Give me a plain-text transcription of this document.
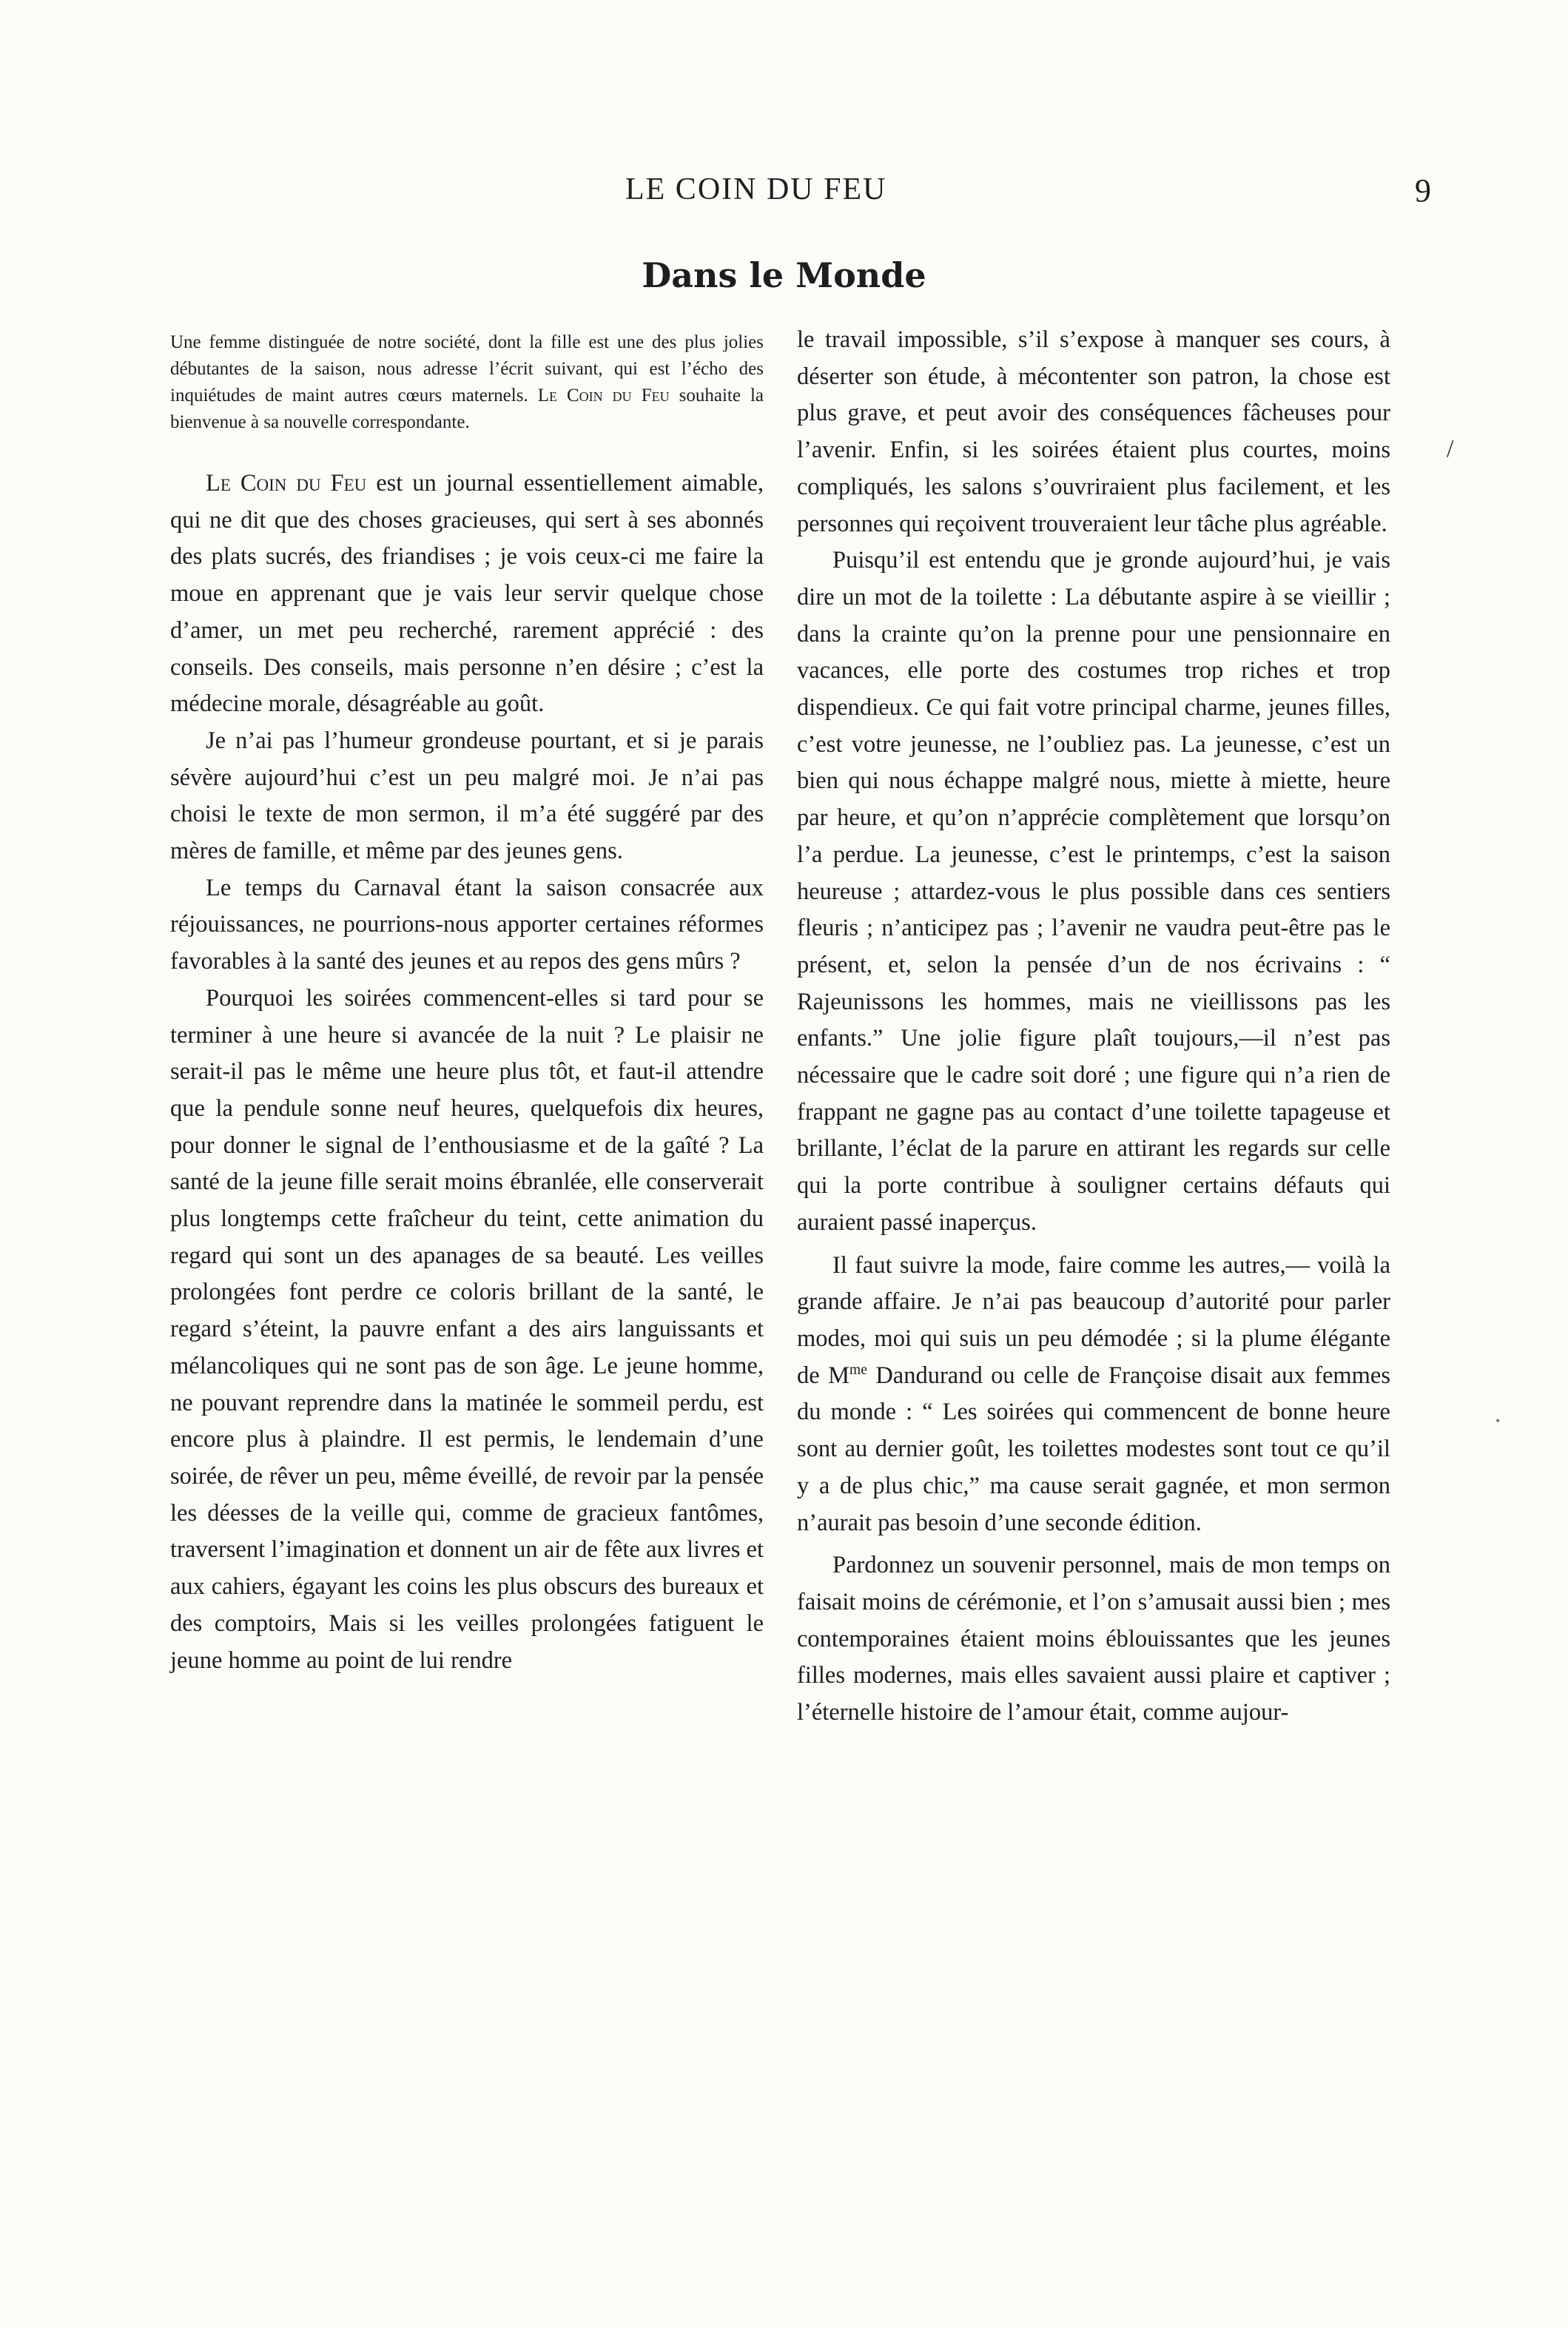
LE COIN DU FEU	9
Dans le Monde

Une femme distinguée de notre société, dont la fille est une des plus jolies débutantes de la saison, nous adresse l’écrit suivant, qui est l’écho des inquiétudes de maint autres cœurs maternels. Le Coin du Feu souhaite la bienvenue à sa nouvelle correspondante.

Le Coin du Feu est un journal essentiellement aimable, qui ne dit que des choses gracieuses, qui sert à ses abonnés des plats sucrés, des friandises ; je vois ceux-ci me faire la moue en apprenant que je vais leur servir quelque chose d’amer, un met peu recherché, rarement apprécié : des conseils. Des conseils, mais personne n’en désire ; c’est la médecine morale, désagréable au goût.

Je n’ai pas l’humeur grondeuse pourtant, et si je parais sévère aujourd’hui c’est un peu malgré moi. Je n’ai pas choisi le texte de mon sermon, il m’a été suggéré par des mères de famille, et même par des jeunes gens.

Le temps du Carnaval étant la saison consacrée aux réjouissances, ne pourrions-nous apporter certaines réformes favorables à la santé des jeunes et au repos des gens mûrs ?

Pourquoi les soirées commencent-elles si tard pour se terminer à une heure si avancée de la nuit ? Le plaisir ne serait-il pas le même une heure plus tôt, et faut-il attendre que la pendule sonne neuf heures, quelquefois dix heures, pour donner le signal de l’enthousiasme et de la gaîté ? La santé de la jeune fille serait moins ébranlée, elle conserverait plus longtemps cette fraîcheur du teint, cette animation du regard qui sont un des apanages de sa beauté. Les veilles prolongées font perdre ce coloris brillant de la santé, le regard s’éteint, la pauvre enfant a des airs languissants et mélancoliques qui ne sont pas de son âge. Le jeune homme, ne pouvant reprendre dans la matinée le sommeil perdu, est encore plus à plaindre. Il est permis, le lendemain d’une soirée, de rêver un peu, même éveillé, de revoir par la pensée les déesses de la veille qui, comme de gracieux fantômes, traversent l’imagination et donnent un air de fête aux livres et aux cahiers, égayant les coins les plus obscurs des bureaux et des comptoirs, Mais si les veilles prolongées fatiguent le jeune homme au point de lui rendre

le travail impossible, s’il s’expose à manquer ses cours, à déserter son étude, à mécontenter son patron, la chose est plus grave, et peut avoir des conséquences fâcheuses pour l’avenir. Enfin, si les soirées étaient plus courtes, moins compliqués, les salons s’ouvriraient plus facilement, et les personnes qui reçoivent trouveraient leur tâche plus agréable.

Puisqu’il est entendu que je gronde aujourd’hui, je vais dire un mot de la toilette : La débutante aspire à se vieillir ; dans la crainte qu’on la prenne pour une pensionnaire en vacances, elle porte des costumes trop riches et trop dispendieux. Ce qui fait votre principal charme, jeunes filles, c’est votre jeunesse, ne l’oubliez pas. La jeunesse, c’est un bien qui nous échappe malgré nous, miette à miette, heure par heure, et qu’on n’apprécie complètement que lorsqu’on l’a perdue. La jeunesse, c’est le printemps, c’est la saison heureuse ; attardez-vous le plus possible dans ces sentiers fleuris ; n’anticipez pas ; l’avenir ne vaudra peut-être pas le présent, et, selon la pensée d’un de nos écrivains : “ Rajeunissons les hommes, mais ne vieillissons pas les enfants.” Une jolie figure plaît toujours,—il n’est pas nécessaire que le cadre soit doré ; une figure qui n’a rien de frappant ne gagne pas au contact d’une toilette tapageuse et brillante, l’éclat de la parure en attirant les regards sur celle qui la porte contribue à souligner certains défauts qui auraient passé inaperçus.

Il faut suivre la mode, faire comme les autres,— voilà la grande affaire. Je n’ai pas beaucoup d’autorité pour parler modes, moi qui suis un peu démodée ; si la plume élégante de $M^{me}$ Dandurand ou celle de Françoise disait aux femmes du monde : “ Les soirées qui commencent de bonne heure sont au dernier goût, les toilettes modestes sont tout ce qu’il y a de plus chic,” ma cause serait gagnée, et mon sermon n’aurait pas besoin d’une seconde édition.

Pardonnez un souvenir personnel, mais de mon temps on faisait moins de cérémonie, et l’on s’amusait aussi bien ; mes contemporaines étaient moins éblouissantes que les jeunes filles modernes, mais elles savaient aussi plaire et captiver ; l’éternelle histoire de l’amour était, comme aujour-

/
•
